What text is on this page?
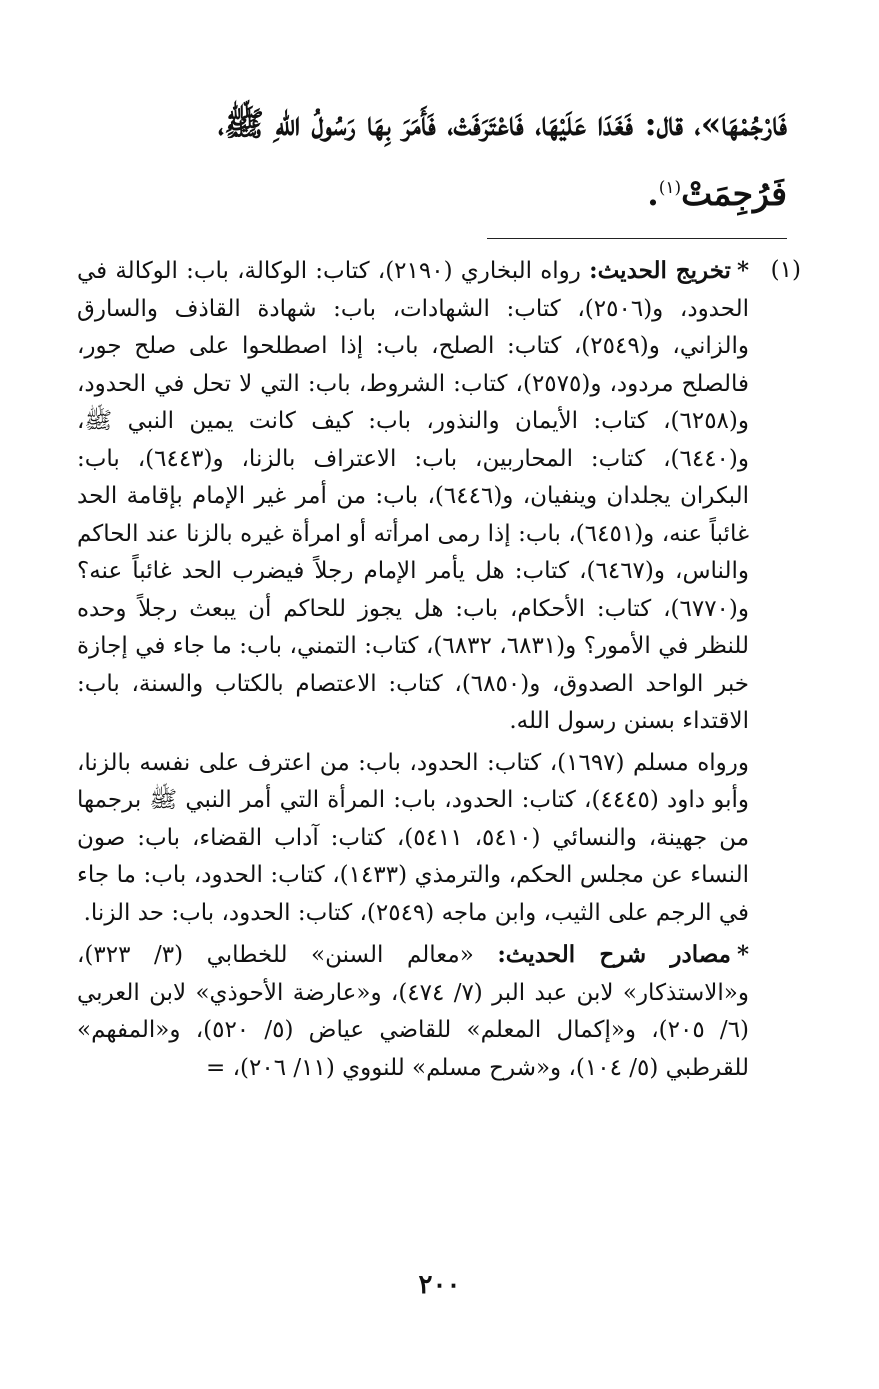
فَارْجُمْهَا»، قال: فَغَدَا عَلَيْهَا، فَاعْتَرَفَتْ، فَأَمَرَ بِهَا رَسُولُ اللهِ ﷺ،
فَرُجِمَتْ$^{(١)}$.
(١)

*تخريج الحديث: رواه البخاري (٢١٩٠)، كتاب: الوكالة، باب: الوكالة في الحدود، و(٢٥٠٦)، كتاب: الشهادات، باب: شهادة القاذف والسارق والزاني، و(٢٥٤٩)، كتاب: الصلح، باب: إذا اصطلحوا على صلح جور، فالصلح مردود، و(٢٥٧٥)، كتاب: الشروط، باب: التي لا تحل في الحدود، و(٦٢٥٨)، كتاب: الأيمان والنذور، باب: كيف كانت يمين النبي ﷺ، و(٦٤٤٠)، كتاب: المحاربين، باب: الاعتراف بالزنا، و(٦٤٤٣)، باب: البكران يجلدان وينفيان، و(٦٤٤٦)، باب: من أمر غير الإمام بإقامة الحد غائباً عنه، و(٦٤٥١)، باب: إذا رمى امرأته أو امرأة غيره بالزنا عند الحاكم والناس، و(٦٤٦٧)، كتاب: هل يأمر الإمام رجلاً فيضرب الحد غائباً عنه؟ و(٦٧٧٠)، كتاب: الأحكام، باب: هل يجوز للحاكم أن يبعث رجلاً وحده للنظر في الأمور؟ و(٦٨٣١، ٦٨٣٢)، كتاب: التمني، باب: ما جاء في إجازة خبر الواحد الصدوق، و(٦٨٥٠)، كتاب: الاعتصام بالكتاب والسنة، باب: الاقتداء بسنن رسول الله.

ورواه مسلم (١٦٩٧)، كتاب: الحدود، باب: من اعترف على نفسه بالزنا، وأبو داود (٤٤٤٥)، كتاب: الحدود، باب: المرأة التي أمر النبي ﷺ برجمها من جهينة، والنسائي (٥٤١٠، ٥٤١١)، كتاب: آداب القضاء، باب: صون النساء عن مجلس الحكم، والترمذي (١٤٣٣)، كتاب: الحدود، باب: ما جاء في الرجم على الثيب، وابن ماجه (٢٥٤٩)، كتاب: الحدود، باب: حد الزنا.

*مصادر شرح الحديث: «معالم السنن» للخطابي (٣/ ٣٢٣)، و«الاستذكار» لابن عبد البر (٧/ ٤٧٤)، و«عارضة الأحوذي» لابن العربي (٦/ ٢٠٥)، و«إكمال المعلم» للقاضي عياض (٥/ ٥٢٠)، و«المفهم» للقرطبي (٥/ ١٠٤)، و«شرح مسلم» للنووي (١١/ ٢٠٦)، =

٢٠٠
